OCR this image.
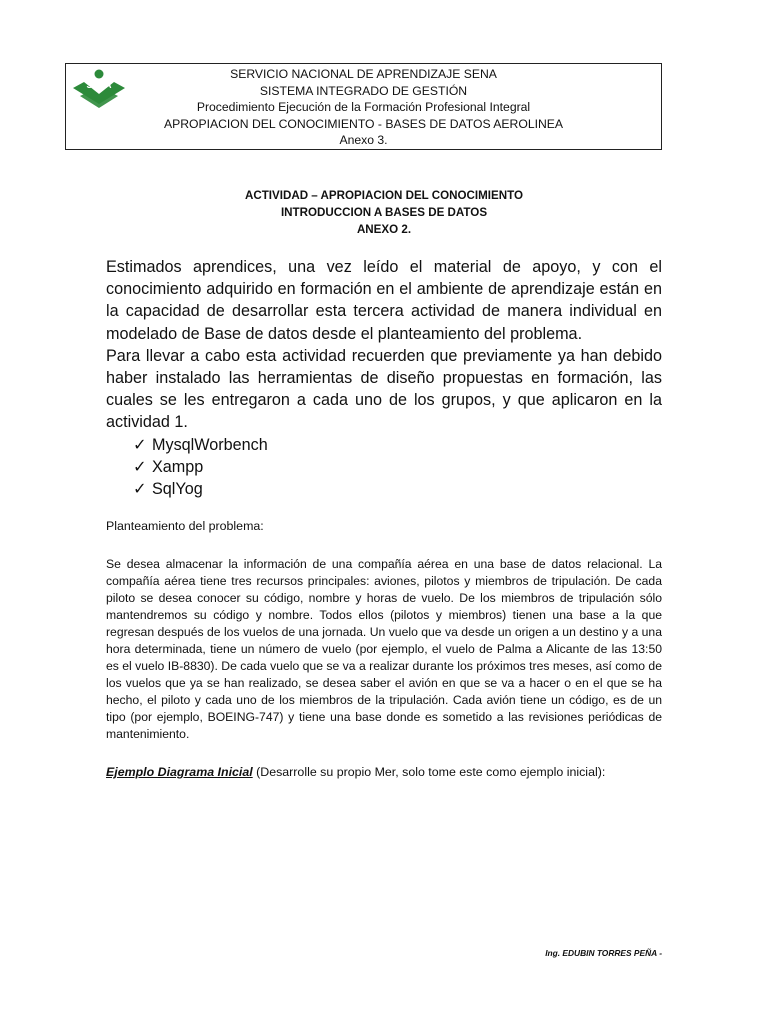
SENA
SERVICIO NACIONAL DE APRENDIZAJE SENA
SISTEMA INTEGRADO DE GESTIÓN
Procedimiento Ejecución de la Formación Profesional Integral
APROPIACION DEL CONOCIMIENTO - BASES DE DATOS AEROLINEA
Anexo 3.
ACTIVIDAD – APROPIACION DEL CONOCIMIENTO
INTRODUCCION A BASES DE DATOS
ANEXO 2.

Estimados aprendices, una vez leído el material de apoyo, y con el conocimiento adquirido en formación en el ambiente de aprendizaje están en la capacidad de desarrollar esta tercera actividad de manera individual en modelado de Base de datos desde el planteamiento del problema.

Para llevar a cabo esta actividad recuerden que previamente ya han debido haber instalado las herramientas de diseño propuestas en formación, las cuales se les entregaron a cada uno de los grupos, y que aplicaron en la actividad 1.

✓ MysqlWorbench
✓ Xampp
✓ SqlYog
Planteamiento del problema:
Se desea almacenar la información de una compañía aérea en una base de datos relacional. La compañía aérea tiene tres recursos principales: aviones, pilotos y miembros de tripulación. De cada piloto se desea conocer su código, nombre y horas de vuelo. De los miembros de tripulación sólo mantendremos su código y nombre. Todos ellos (pilotos y miembros) tienen una base a la que regresan después de los vuelos de una jornada. Un vuelo que va desde un origen a un destino y a una hora determinada, tiene un número de vuelo (por ejemplo, el vuelo de Palma a Alicante de las 13:50 es el vuelo IB-8830). De cada vuelo que se va a realizar durante los próximos tres meses, así como de los vuelos que ya se han realizado, se desea saber el avión en que se va a hacer o en el que se ha hecho, el piloto y cada uno de los miembros de la tripulación. Cada avión tiene un código, es de un tipo (por ejemplo, BOEING-747) y tiene una base donde es sometido a las revisiones periódicas de mantenimiento.
Ejemplo Diagrama Inicial (Desarrolle su propio Mer, solo tome este como ejemplo inicial):
Ing. EDUBIN TORRES PEÑA -
